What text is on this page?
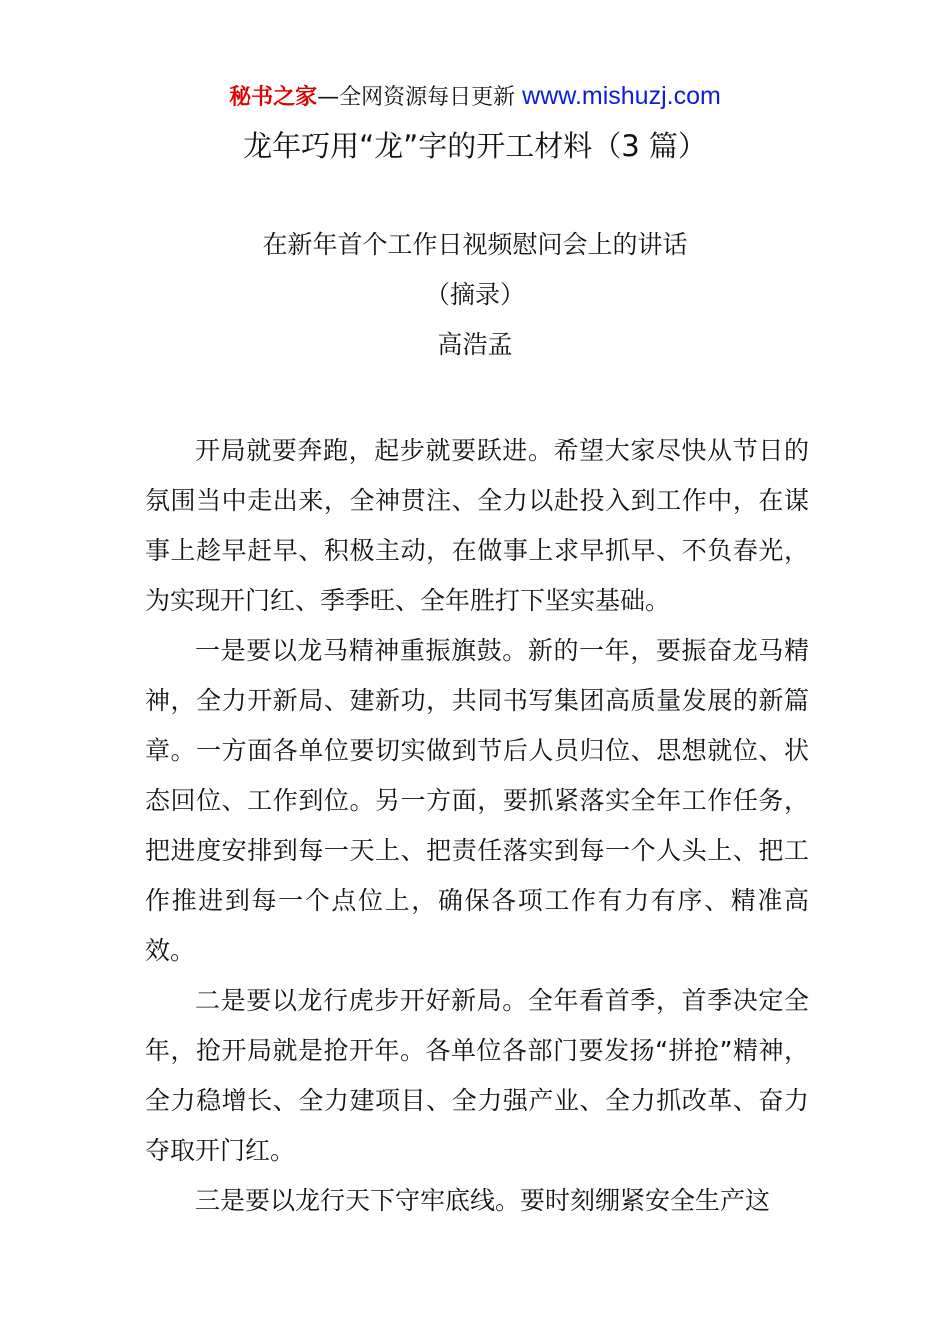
秘书之家—全网资源每日更新 www.mishuzj.com
龙年巧用“龙”字的开工材料（3 篇）
在新年首个工作日视频慰问会上的讲话
（摘录）
高浩孟

开局就要奔跑，起步就要跃进。希望大家尽快从节日的氛围当中走出来，全神贯注、全力以赴投入到工作中，在谋事上趁早赶早、积极主动，在做事上求早抓早、不负春光，为实现开门红、季季旺、全年胜打下坚实基础。

一是要以龙马精神重振旗鼓。新的一年，要振奋龙马精神，全力开新局、建新功，共同书写集团高质量发展的新篇章。一方面各单位要切实做到节后人员归位、思想就位、状态回位、工作到位。另一方面，要抓紧落实全年工作任务，把进度安排到每一天上、把责任落实到每一个人头上、把工作推进到每一个点位上，确保各项工作有力有序、精准高效。

二是要以龙行虎步开好新局。全年看首季，首季决定全年，抢开局就是抢开年。各单位各部门要发扬“拼抢”精神，全力稳增长、全力建项目、全力强产业、全力抓改革、奋力夺取开门红。

三是要以龙行天下守牢底线。要时刻绷紧安全生产这
